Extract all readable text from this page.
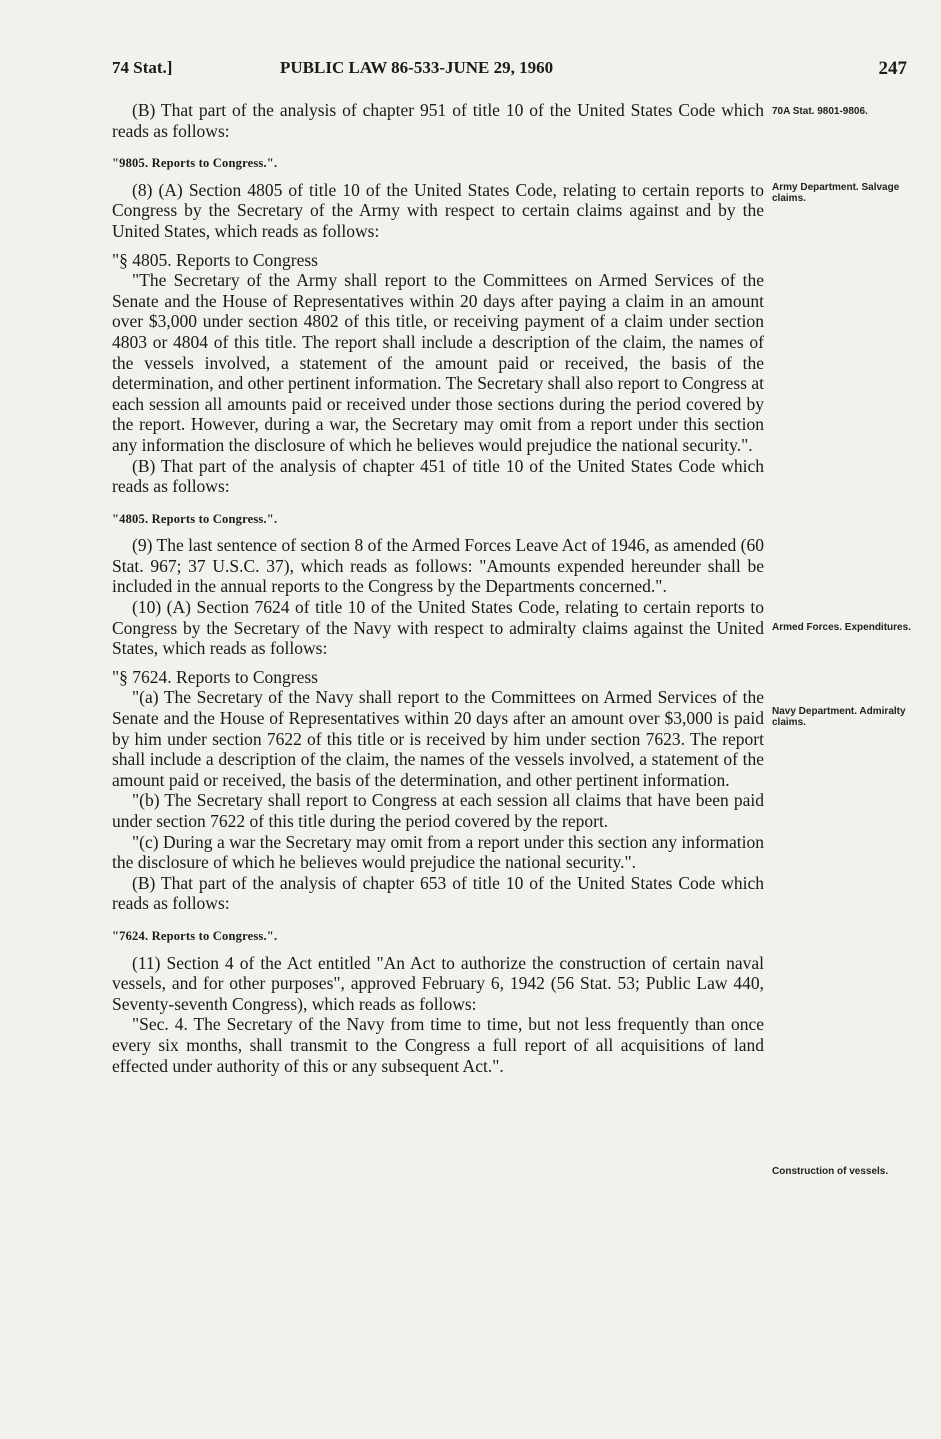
74 Stat.]	PUBLIC LAW 86-533-JUNE 29, 1960	247
70A Stat. 9801-9806.
Army Department. Salvage claims.
Armed Forces. Expenditures.
Navy Department. Admiralty claims.
Construction of vessels.

(B) That part of the analysis of chapter 951 of title 10 of the United States Code which reads as follows:

"9805. Reports to Congress.".

(8) (A) Section 4805 of title 10 of the United States Code, relating to certain reports to Congress by the Secretary of the Army with respect to certain claims against and by the United States, which reads as follows:

"§ 4805. Reports to Congress

"The Secretary of the Army shall report to the Committees on Armed Services of the Senate and the House of Representatives within 20 days after paying a claim in an amount over $3,000 under section 4802 of this title, or receiving payment of a claim under section 4803 or 4804 of this title. The report shall include a description of the claim, the names of the vessels involved, a statement of the amount paid or received, the basis of the determination, and other pertinent information. The Secretary shall also report to Congress at each session all amounts paid or received under those sections during the period covered by the report. However, during a war, the Secretary may omit from a report under this section any information the disclosure of which he believes would prejudice the national security.".

(B) That part of the analysis of chapter 451 of title 10 of the United States Code which reads as follows:

"4805. Reports to Congress.".

(9) The last sentence of section 8 of the Armed Forces Leave Act of 1946, as amended (60 Stat. 967; 37 U.S.C. 37), which reads as follows: "Amounts expended hereunder shall be included in the annual reports to the Congress by the Departments concerned.".

(10) (A) Section 7624 of title 10 of the United States Code, relating to certain reports to Congress by the Secretary of the Navy with respect to admiralty claims against the United States, which reads as follows:

"§ 7624. Reports to Congress

"(a) The Secretary of the Navy shall report to the Committees on Armed Services of the Senate and the House of Representatives within 20 days after an amount over $3,000 is paid by him under section 7622 of this title or is received by him under section 7623. The report shall include a description of the claim, the names of the vessels involved, a statement of the amount paid or received, the basis of the determination, and other pertinent information.

"(b) The Secretary shall report to Congress at each session all claims that have been paid under section 7622 of this title during the period covered by the report.

"(c) During a war the Secretary may omit from a report under this section any information the disclosure of which he believes would prejudice the national security.".

(B) That part of the analysis of chapter 653 of title 10 of the United States Code which reads as follows:

"7624. Reports to Congress.".

(11) Section 4 of the Act entitled "An Act to authorize the construction of certain naval vessels, and for other purposes", approved February 6, 1942 (56 Stat. 53; Public Law 440, Seventy-seventh Congress), which reads as follows:

"Sec. 4. The Secretary of the Navy from time to time, but not less frequently than once every six months, shall transmit to the Congress a full report of all acquisitions of land effected under authority of this or any subsequent Act.".
